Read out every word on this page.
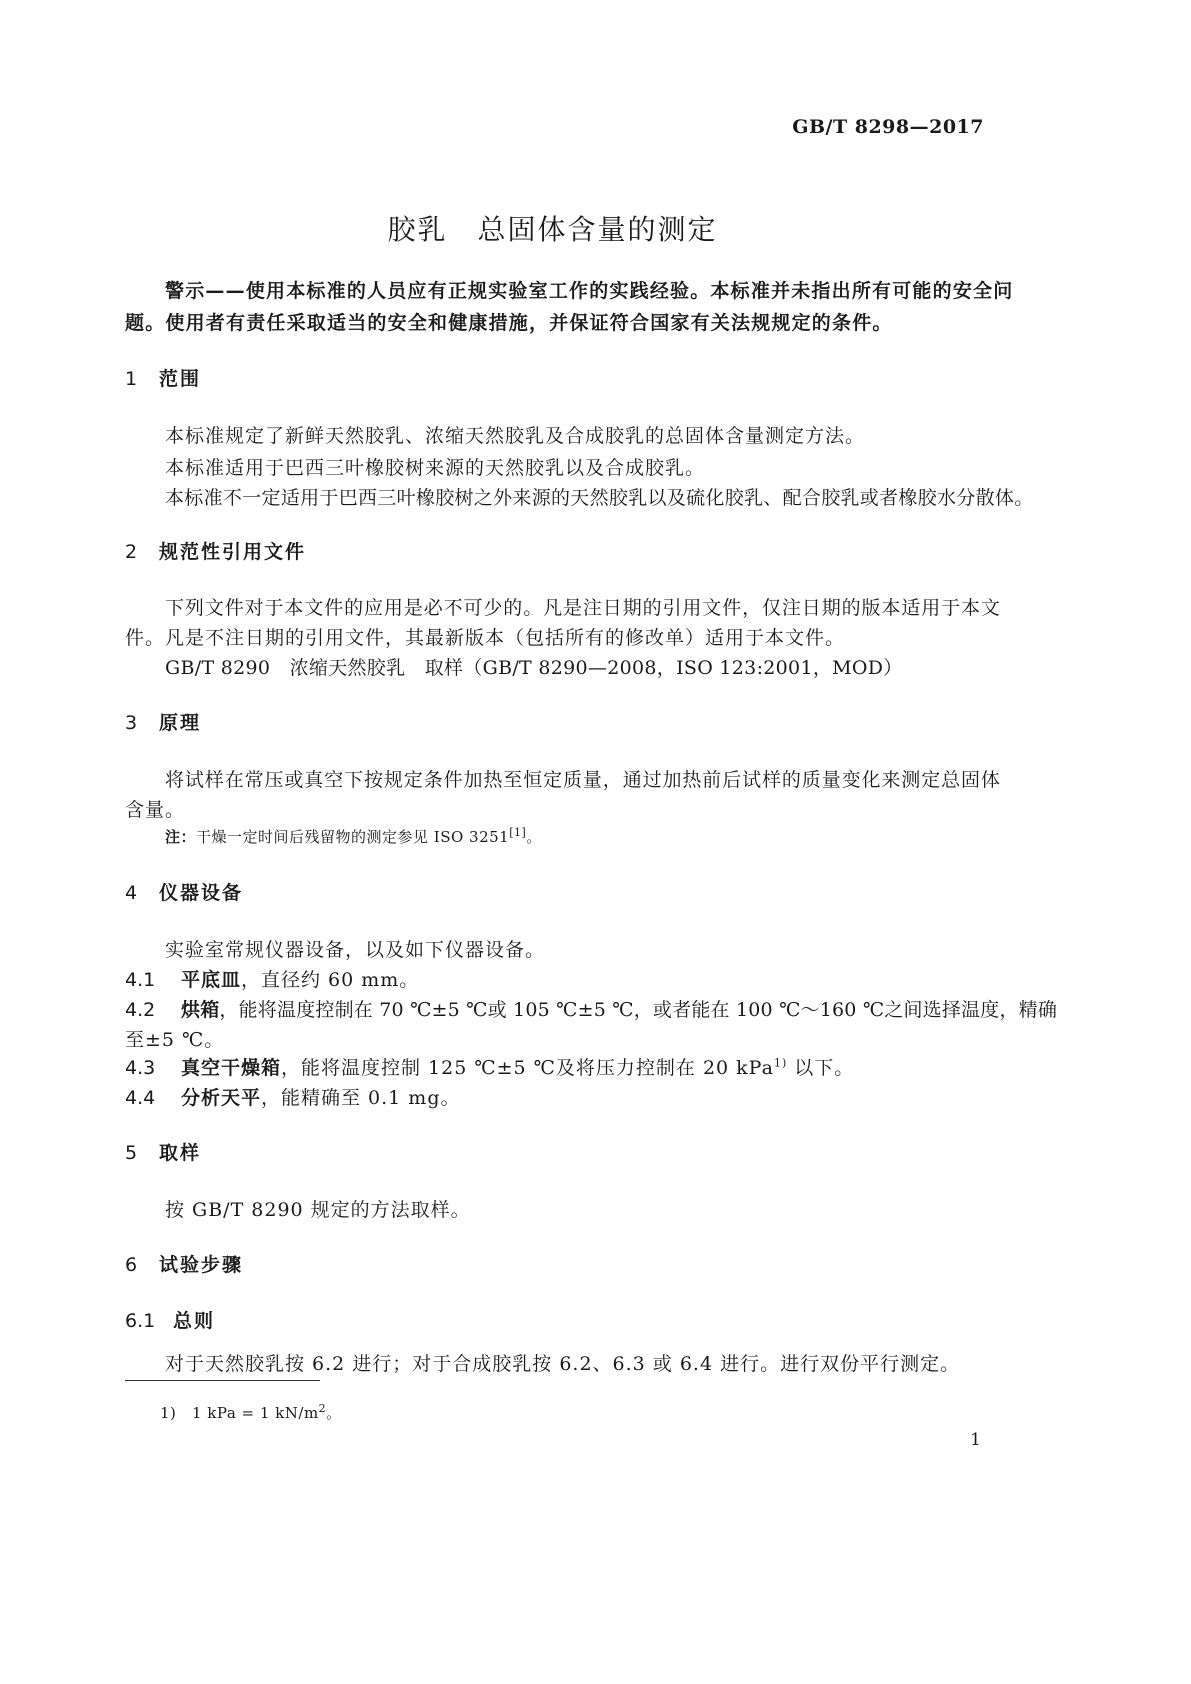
GB/T 8298—2017
胶乳　总固体含量的测定
警示——使用本标准的人员应有正规实验室工作的实践经验。本标准并未指出所有可能的安全问
题。使用者有责任采取适当的安全和健康措施，并保证符合国家有关法规规定的条件。
1 范围
本标准规定了新鲜天然胶乳、浓缩天然胶乳及合成胶乳的总固体含量测定方法。
本标准适用于巴西三叶橡胶树来源的天然胶乳以及合成胶乳。
本标准不一定适用于巴西三叶橡胶树之外来源的天然胶乳以及硫化胶乳、配合胶乳或者橡胶水分散体。
2 规范性引用文件
下列文件对于本文件的应用是必不可少的。凡是注日期的引用文件，仅注日期的版本适用于本文
件。凡是不注日期的引用文件，其最新版本（包括所有的修改单）适用于本文件。
GB/T 8290　浓缩天然胶乳　取样（GB/T 8290—2008，ISO 123:2001，MOD）
3 原理
将试样在常压或真空下按规定条件加热至恒定质量，通过加热前后试样的质量变化来测定总固体
含量。
注：干燥一定时间后残留物的测定参见 ISO 3251[1]。
4 仪器设备
实验室常规仪器设备，以及如下仪器设备。
4.1 平底皿，直径约 60 mm。
4.2 烘箱，能将温度控制在 70 ℃±5 ℃或 105 ℃±5 ℃，或者能在 100 ℃～160 ℃之间选择温度，精确
至±5 ℃。
4.3 真空干燥箱，能将温度控制 125 ℃±5 ℃及将压力控制在 20 kPa$^{1)}$ 以下。
4.4 分析天平，能精确至 0.1 mg。
5 取样
按 GB/T 8290 规定的方法取样。
6 试验步骤
6.1 总则
对于天然胶乳按 6.2 进行；对于合成胶乳按 6.2、6.3 或 6.4 进行。进行双份平行测定。
1) 1 kPa = 1 $kN/m^2$。
1
